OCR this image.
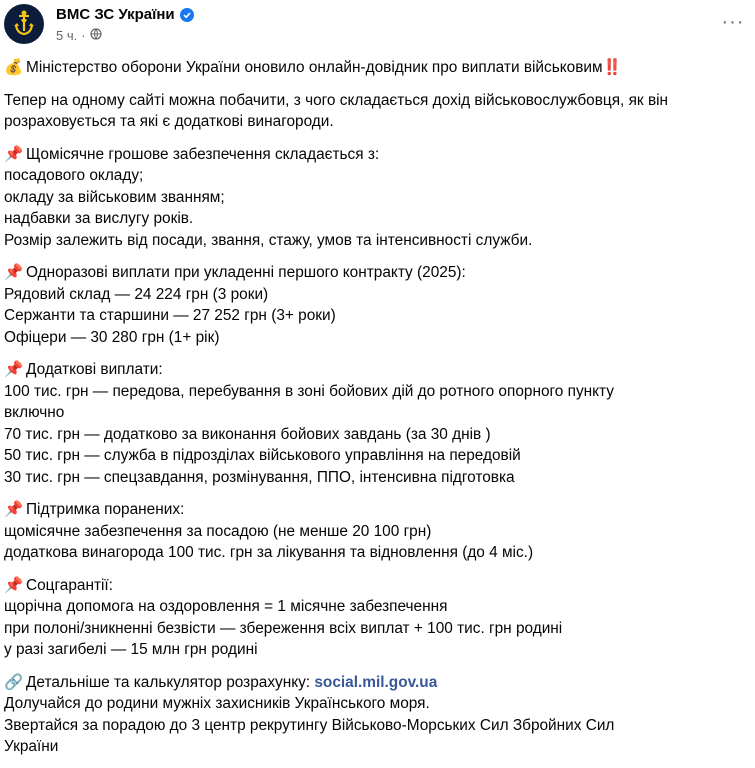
ВМС ЗС України
5 ч. ·
···
💰 Міністерство оборони України оновило онлайн-довідник про виплати військовим‼️
Тепер на одному сайті можна побачити, з чого складається дохід військовослужбовця, як він
розраховується та які є додаткові винагороди.
📌 Щомісячне грошове забезпечення складається з:
посадового окладу;
окладу за військовим званням;
надбавки за вислугу років.
Розмір залежить від посади, звання, стажу, умов та інтенсивності служби.
📌 Одноразові виплати при укладенні першого контракту (2025):
Рядовий склад — 24 224 грн (3 роки)
Сержанти та старшини — 27 252 грн (3+ роки)
Офіцери — 30 280 грн (1+ рік)
📌 Додаткові виплати:
100 тис. грн — передова, перебування в зоні бойових дій до ротного опорного пункту
включно
70 тис. грн — додатково за виконання бойових завдань (за 30 днів )
50 тис. грн — служба в підрозділах військового управління на передовій
30 тис. грн — спецзавдання, розмінування, ППО, інтенсивна підготовка
📌 Підтримка поранених:
щомісячне забезпечення за посадою (не менше 20 100 грн)
додаткова винагорода 100 тис. грн за лікування та відновлення (до 4 міс.)
📌 Соцгарантії:
щорічна допомога на оздоровлення = 1 місячне забезпечення
при полоні/зникненні безвісти — збереження всіх виплат + 100 тис. грн родині
у разі загибелі — 15 млн грн родині
🔗 Детальніше та калькулятор розрахунку: social.mil.gov.ua
Долучайся до родини мужніх захисників Українського моря.
Звертайся за порадою до 3 центр рекрутингу Військово-Морських Сил Збройних Сил
України
